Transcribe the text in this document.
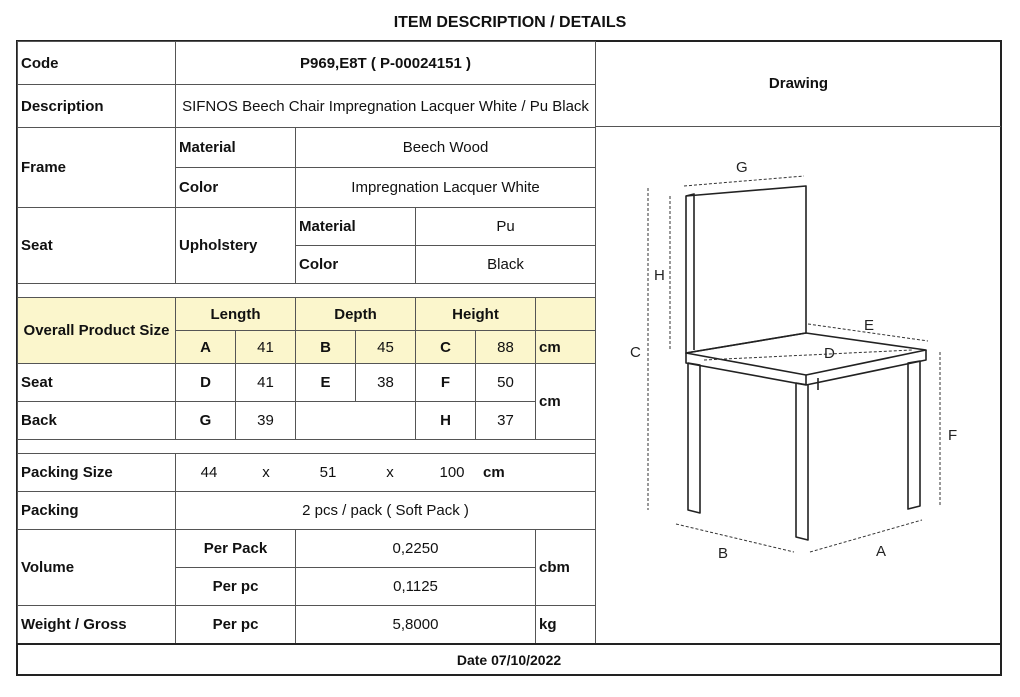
ITEM DESCRIPTION / DETAILS
Code	P969,E8T ( P-00024151 )						
Description	SIFNOS Beech Chair Impregnation Lacquer White / Pu Black						
Frame	Material		Beech Wood				
	Color		Impregnation Lacquer White				
Seat	Upholstery		Material		Pu		
			Color		Black		

Overall Product Size	Length		Depth		Height		
	A	41	B	45	C	88	cm
Seat	D	41	E	38	F	50	cm
Back	G	39			H	37	

Packing Size	44 x 51 x 100 cm						
Packing	2 pcs / pack ( Soft Pack )						
Volume	Per Pack		0,2250				cbm
	Per pc		0,1125				
Weight / Gross	Per pc		5,8000				kg
Drawing
G
H
C
E
D
F
B	A
Date 07/10/2022
